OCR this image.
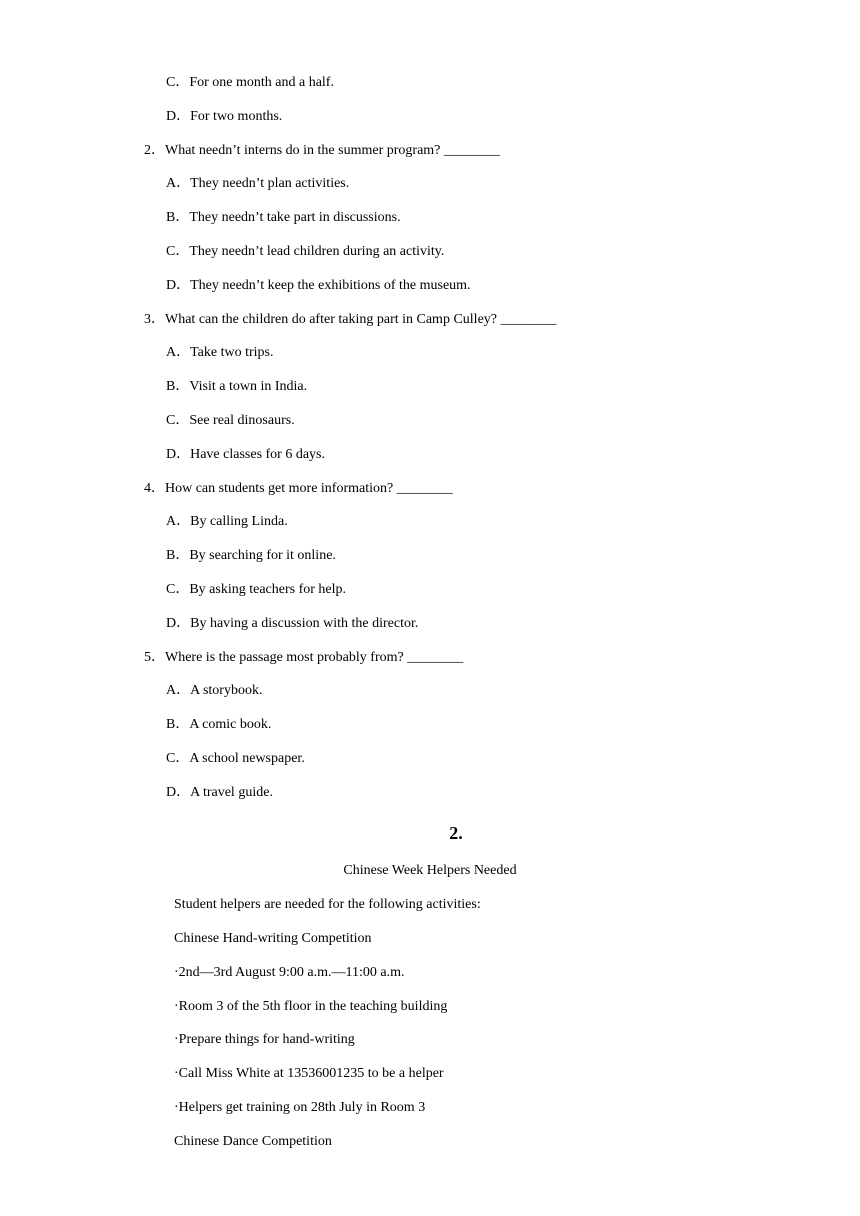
C．For one month and a half.
D．For two months.
2．What needn’t interns do in the summer program? ________
A．They needn’t plan activities.
B．They needn’t take part in discussions.
C．They needn’t lead children during an activity.
D．They needn’t keep the exhibitions of the museum.
3．What can the children do after taking part in Camp Culley? ________
A．Take two trips.
B．Visit a town in India.
C．See real dinosaurs.
D．Have classes for 6 days.
4．How can students get more information? ________
A．By calling Linda.
B．By searching for it online.
C．By asking teachers for help.
D．By having a discussion with the director.
5．Where is the passage most probably from? ________
A．A storybook.
B．A comic book.
C．A school newspaper.
D．A travel guide.
2.
Chinese Week Helpers Needed
Student helpers are needed for the following activities:
Chinese Hand-writing Competition
·2nd—3rd August 9:00 a.m.—11:00 a.m.
·Room 3 of the 5th floor in the teaching building
·Prepare things for hand-writing
·Call Miss White at 13536001235 to be a helper
·Helpers get training on 28th July in Room 3
Chinese Dance Competition
